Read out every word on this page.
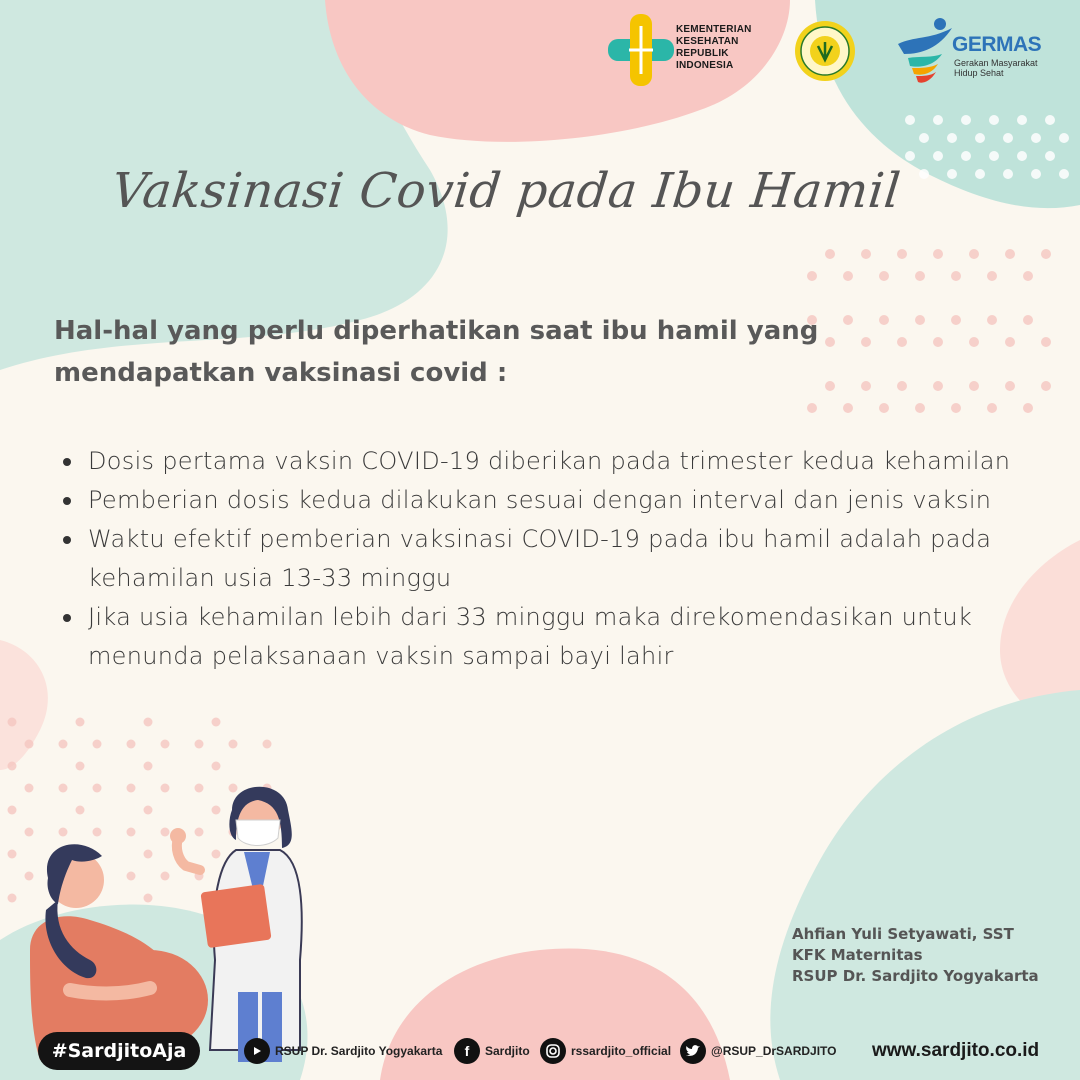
KEMENTERIAN
KESEHATAN
REPUBLIK
INDONESIA
GERMAS
Gerakan Masyarakat
Hidup Sehat
Vaksinasi Covid pada Ibu Hamil
Hal-hal yang perlu diperhatikan saat ibu hamil yang mendapatkan vaksinasi covid :
Dosis pertama vaksin COVID-19 diberikan pada trimester kedua kehamilan
Pemberian dosis kedua dilakukan sesuai dengan interval dan jenis vaksin
Waktu efektif pemberian vaksinasi COVID-19 pada ibu hamil adalah pada kehamilan usia 13-33 minggu
Jika usia kehamilan lebih dari 33 minggu maka direkomendasikan untuk menunda pelaksanaan vaksin sampai bayi lahir
Ahfian Yuli Setyawati, SST
KFK Maternitas
RSUP Dr. Sardjito Yogyakarta
#SardjitoAja	RSUP Dr. Sardjito Yogyakarta	f	Sardjito	rssardjito_official	@RSUP_DrSARDJITO www.sardjito.co.id
